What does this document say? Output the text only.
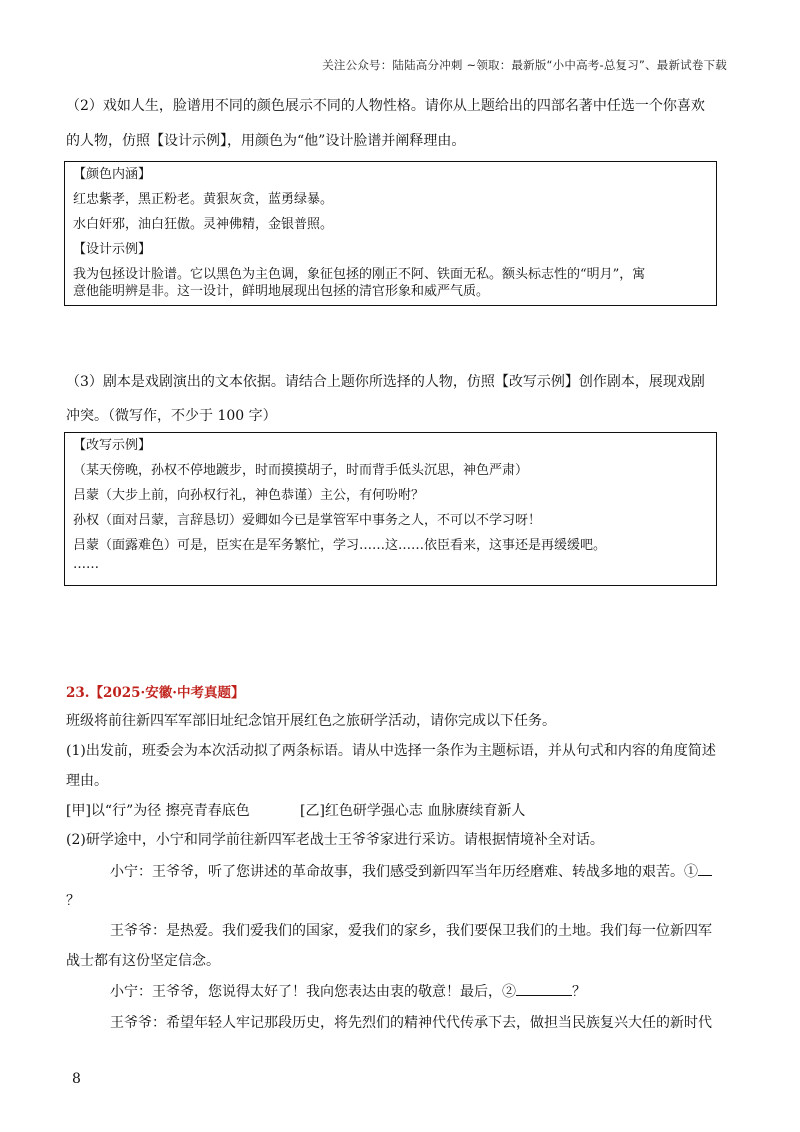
关注公众号：陆陆高分冲刺 ~领取：最新版“小中高考-总复习”、最新试卷下载
（2）戏如人生，脸谱用不同的颜色展示不同的人物性格。请你从上题给出的四部名著中任选一个你喜欢
的人物，仿照【设计示例】，用颜色为“他”设计脸谱并阐释理由。
【颜色内涵】
红忠紫孝，黑正粉老。黄狠灰贪，蓝勇绿暴。
水白奸邪，油白狂傲。灵神佛精，金银普照。
【设计示例】
我为包拯设计脸谱。它以黑色为主色调，象征包拯的刚正不阿、铁面无私。额头标志性的“明月”，寓
意他能明辨是非。这一设计，鲜明地展现出包拯的清官形象和威严气质。
（3）剧本是戏剧演出的文本依据。请结合上题你所选择的人物，仿照【改写示例】创作剧本，展现戏剧
冲突。（微写作，不少于 100 字）
【改写示例】
（某天傍晚，孙权不停地踱步，时而摸摸胡子，时而背手低头沉思，神色严肃）
吕蒙（大步上前，向孙权行礼，神色恭谨）主公，有何吩咐？
孙权（面对吕蒙，言辞恳切）爱卿如今已是掌管军中事务之人，不可以不学习呀！
吕蒙（面露难色）可是，臣实在是军务繁忙，学习……这……依臣看来，这事还是再缓缓吧。
……
23.【2025·安徽·中考真题】
班级将前往新四军军部旧址纪念馆开展红色之旅研学活动，请你完成以下任务。
(1)出发前，班委会为本次活动拟了两条标语。请从中选择一条作为主题标语，并从句式和内容的角度简述
理由。
[甲]以“行”为径 擦亮青春底色	[乙]红色研学强心志 血脉赓续育新人
(2)研学途中，小宁和同学前往新四军老战士王爷爷家进行采访。请根据情境补全对话。
小宁：王爷爷，听了您讲述的革命故事，我们感受到新四军当年历经磨难、转战多地的艰苦。①
？
王爷爷：是热爱。我们爱我们的国家，爱我们的家乡，我们要保卫我们的土地。我们每一位新四军
战士都有这份坚定信念。
小宁：王爷爷，您说得太好了！我向您表达由衷的敬意！最后，②	？
王爷爷：希望年轻人牢记那段历史，将先烈们的精神代代传承下去，做担当民族复兴大任的新时代
8
